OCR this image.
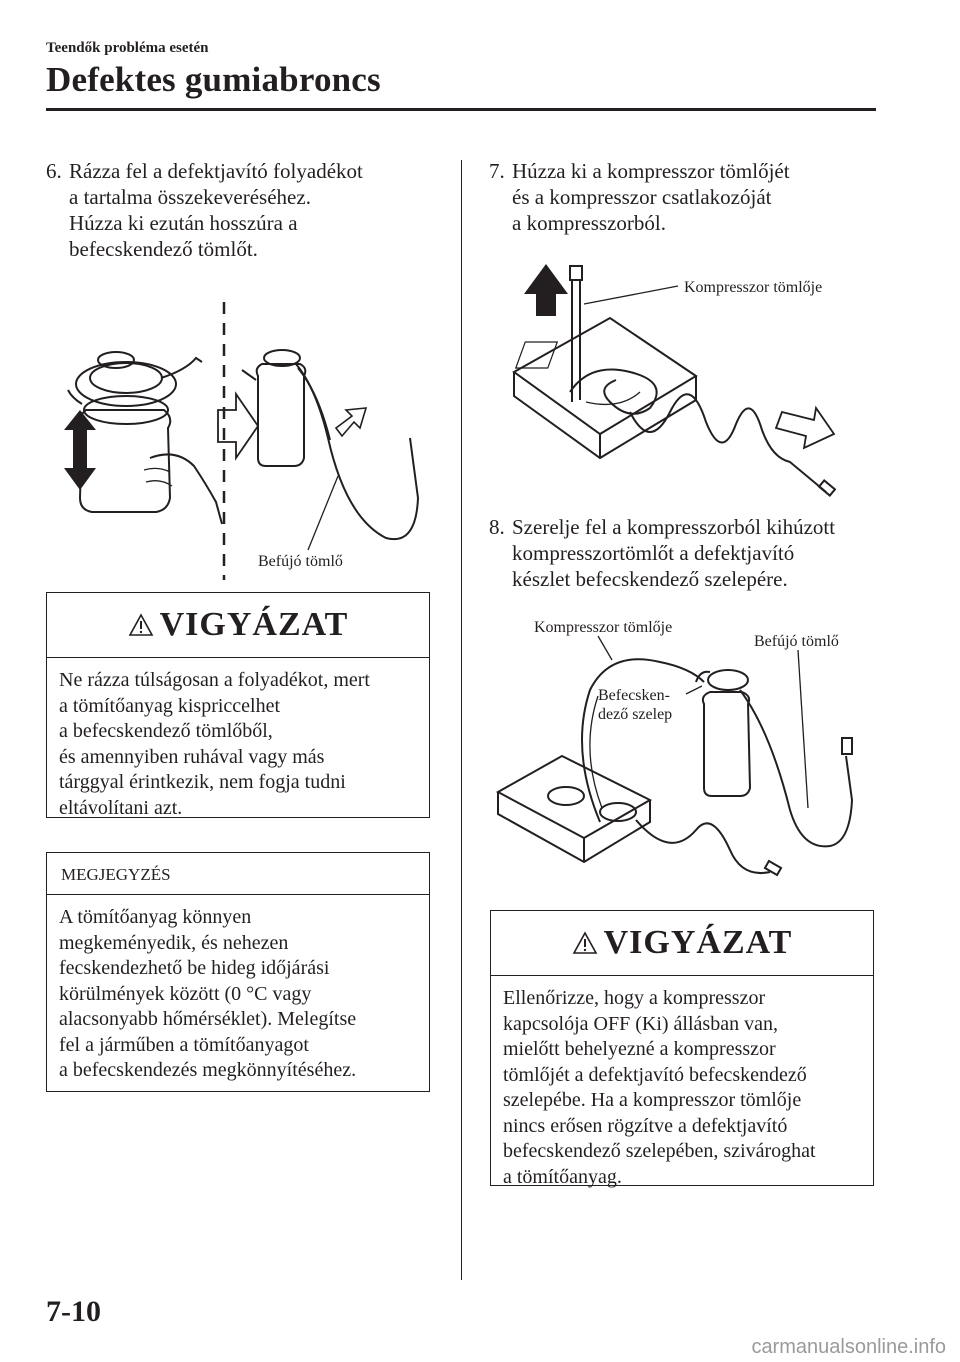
Teendők probléma esetén
Defektes gumiabroncs
6. Rázza fel a defektjavító folyadékot
a tartalma összekeveréséhez.
Húzza ki ezután hosszúra a
befecskendező tömlőt.
Befújó tömlő
VIGYÁZAT
Ne rázza túlságosan a folyadékot, mert
a tömítőanyag kispriccelhet
a befecskendező tömlőből,
és amennyiben ruhával vagy más
tárggyal érintkezik, nem fogja tudni
eltávolítani azt.
MEGJEGYZÉS
A tömítőanyag könnyen
megkeményedik, és nehezen
fecskendezhető be hideg időjárási
körülmények között (0 °C vagy
alacsonyabb hőmérséklet). Melegítse
fel a járműben a tömítőanyagot
a befecskendezés megkönnyítéséhez.
7. Húzza ki a kompresszor tömlőjét
és a kompresszor csatlakozóját
a kompresszorból.
Kompresszor tömlője
8. Szerelje fel a kompresszorból kihúzott
kompresszortömlőt a defektjavító
készlet befecskendező szelepére.
Kompresszor tömlője
Befújó tömlő
Befecsken-
dező szelep
VIGYÁZAT
Ellenőrizze, hogy a kompresszor
kapcsolója OFF (Ki) állásban van,
mielőtt behelyezné a kompresszor
tömlőjét a defektjavító befecskendező
szelepébe. Ha a kompresszor tömlője
nincs erősen rögzítve a defektjavító
befecskendező szelepében, szivároghat
a tömítőanyag.
7-10
carmanualsonline.info
